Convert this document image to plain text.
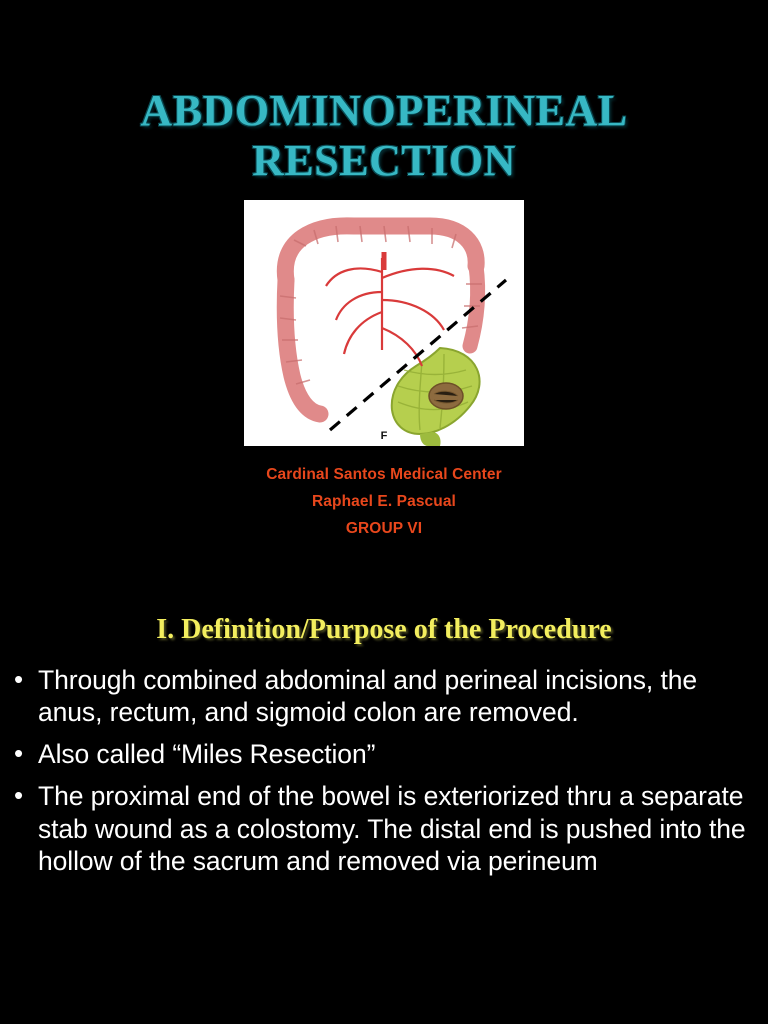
ABDOMINOPERINEAL
RESECTION
F
Cardinal Santos Medical Center
Raphael E. Pascual
GROUP VI
I. Definition/Purpose of the Procedure
• Through combined abdominal and perineal incisions, the anus, rectum, and sigmoid colon are removed.
• Also called “Miles Resection”
• The proximal end of the bowel is exteriorized thru a separate stab wound as a colostomy. The distal end is pushed into the hollow of the sacrum and removed via perineum
